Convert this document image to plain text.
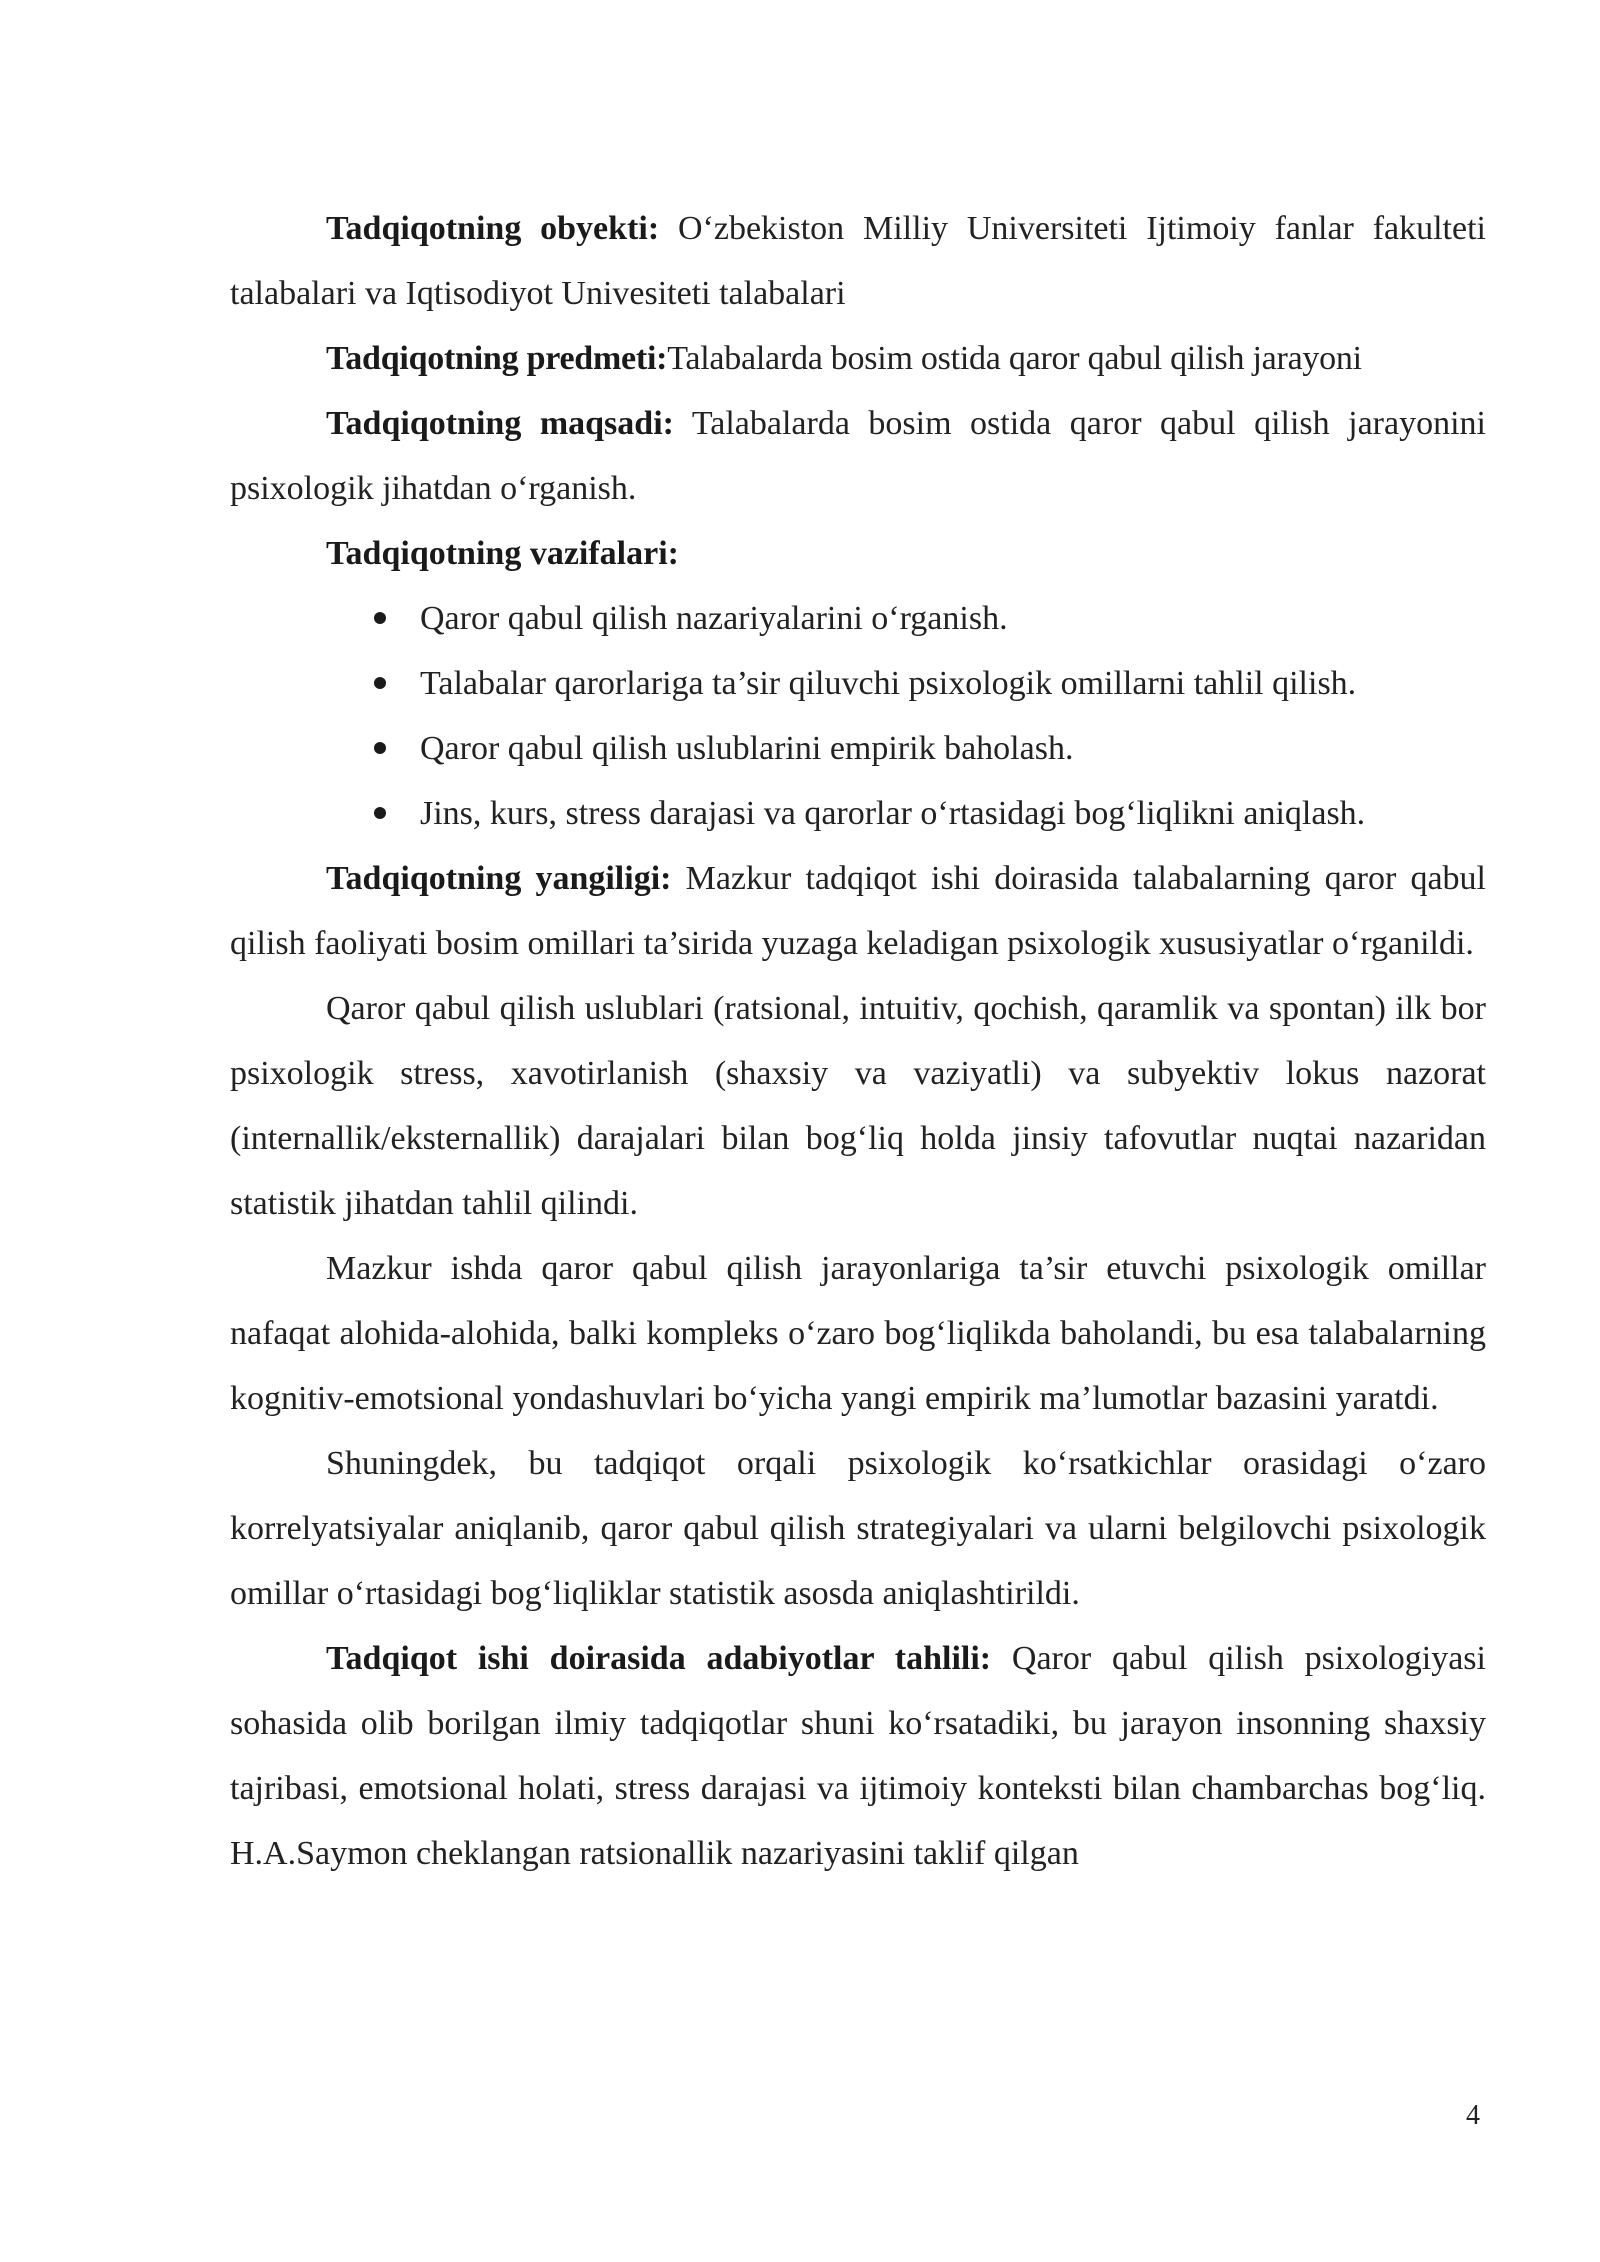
Tadqiqotning obyekti: O‘zbekiston Milliy Universiteti Ijtimoiy fanlar fakulteti talabalari va Iqtisodiyot Univesiteti talabalari

Tadqiqotning predmeti:Talabalarda bosim ostida qaror qabul qilish jarayoni

Tadqiqotning maqsadi: Talabalarda bosim ostida qaror qabul qilish jarayonini psixologik jihatdan o‘rganish.

Tadqiqotning vazifalari:

Qaror qabul qilish nazariyalarini o‘rganish.
Talabalar qarorlariga ta’sir qiluvchi psixologik omillarni tahlil qilish.
Qaror qabul qilish uslublarini empirik baholash.
Jins, kurs, stress darajasi va qarorlar o‘rtasidagi bog‘liqlikni aniqlash.

Tadqiqotning yangiligi: Mazkur tadqiqot ishi doirasida talabalarning qaror qabul qilish faoliyati bosim omillari ta’sirida yuzaga keladigan psixologik xususiyatlar o‘rganildi.

Qaror qabul qilish uslublari (ratsional, intuitiv, qochish, qaramlik va spontan) ilk bor psixologik stress, xavotirlanish (shaxsiy va vaziyatli) va subyektiv lokus nazorat (internallik/eksternallik) darajalari bilan bog‘liq holda jinsiy tafovutlar nuqtai nazaridan statistik jihatdan tahlil qilindi.

Mazkur ishda qaror qabul qilish jarayonlariga ta’sir etuvchi psixologik omillar nafaqat alohida-alohida, balki kompleks o‘zaro bog‘liqlikda baholandi, bu esa talabalarning kognitiv-emotsional yondashuvlari bo‘yicha yangi empirik ma’lumotlar bazasini yaratdi.

Shuningdek, bu tadqiqot orqali psixologik ko‘rsatkichlar orasidagi o‘zaro korrelyatsiyalar aniqlanib, qaror qabul qilish strategiyalari va ularni belgilovchi psixologik omillar o‘rtasidagi bog‘liqliklar statistik asosda aniqlashtirildi.

Tadqiqot ishi doirasida adabiyotlar tahlili: Qaror qabul qilish psixologiyasi sohasida olib borilgan ilmiy tadqiqotlar shuni ko‘rsatadiki, bu jarayon insonning shaxsiy tajribasi, emotsional holati, stress darajasi va ijtimoiy konteksti bilan chambarchas bog‘liq. H.A.Saymon cheklangan ratsionallik nazariyasini taklif qilgan

4
